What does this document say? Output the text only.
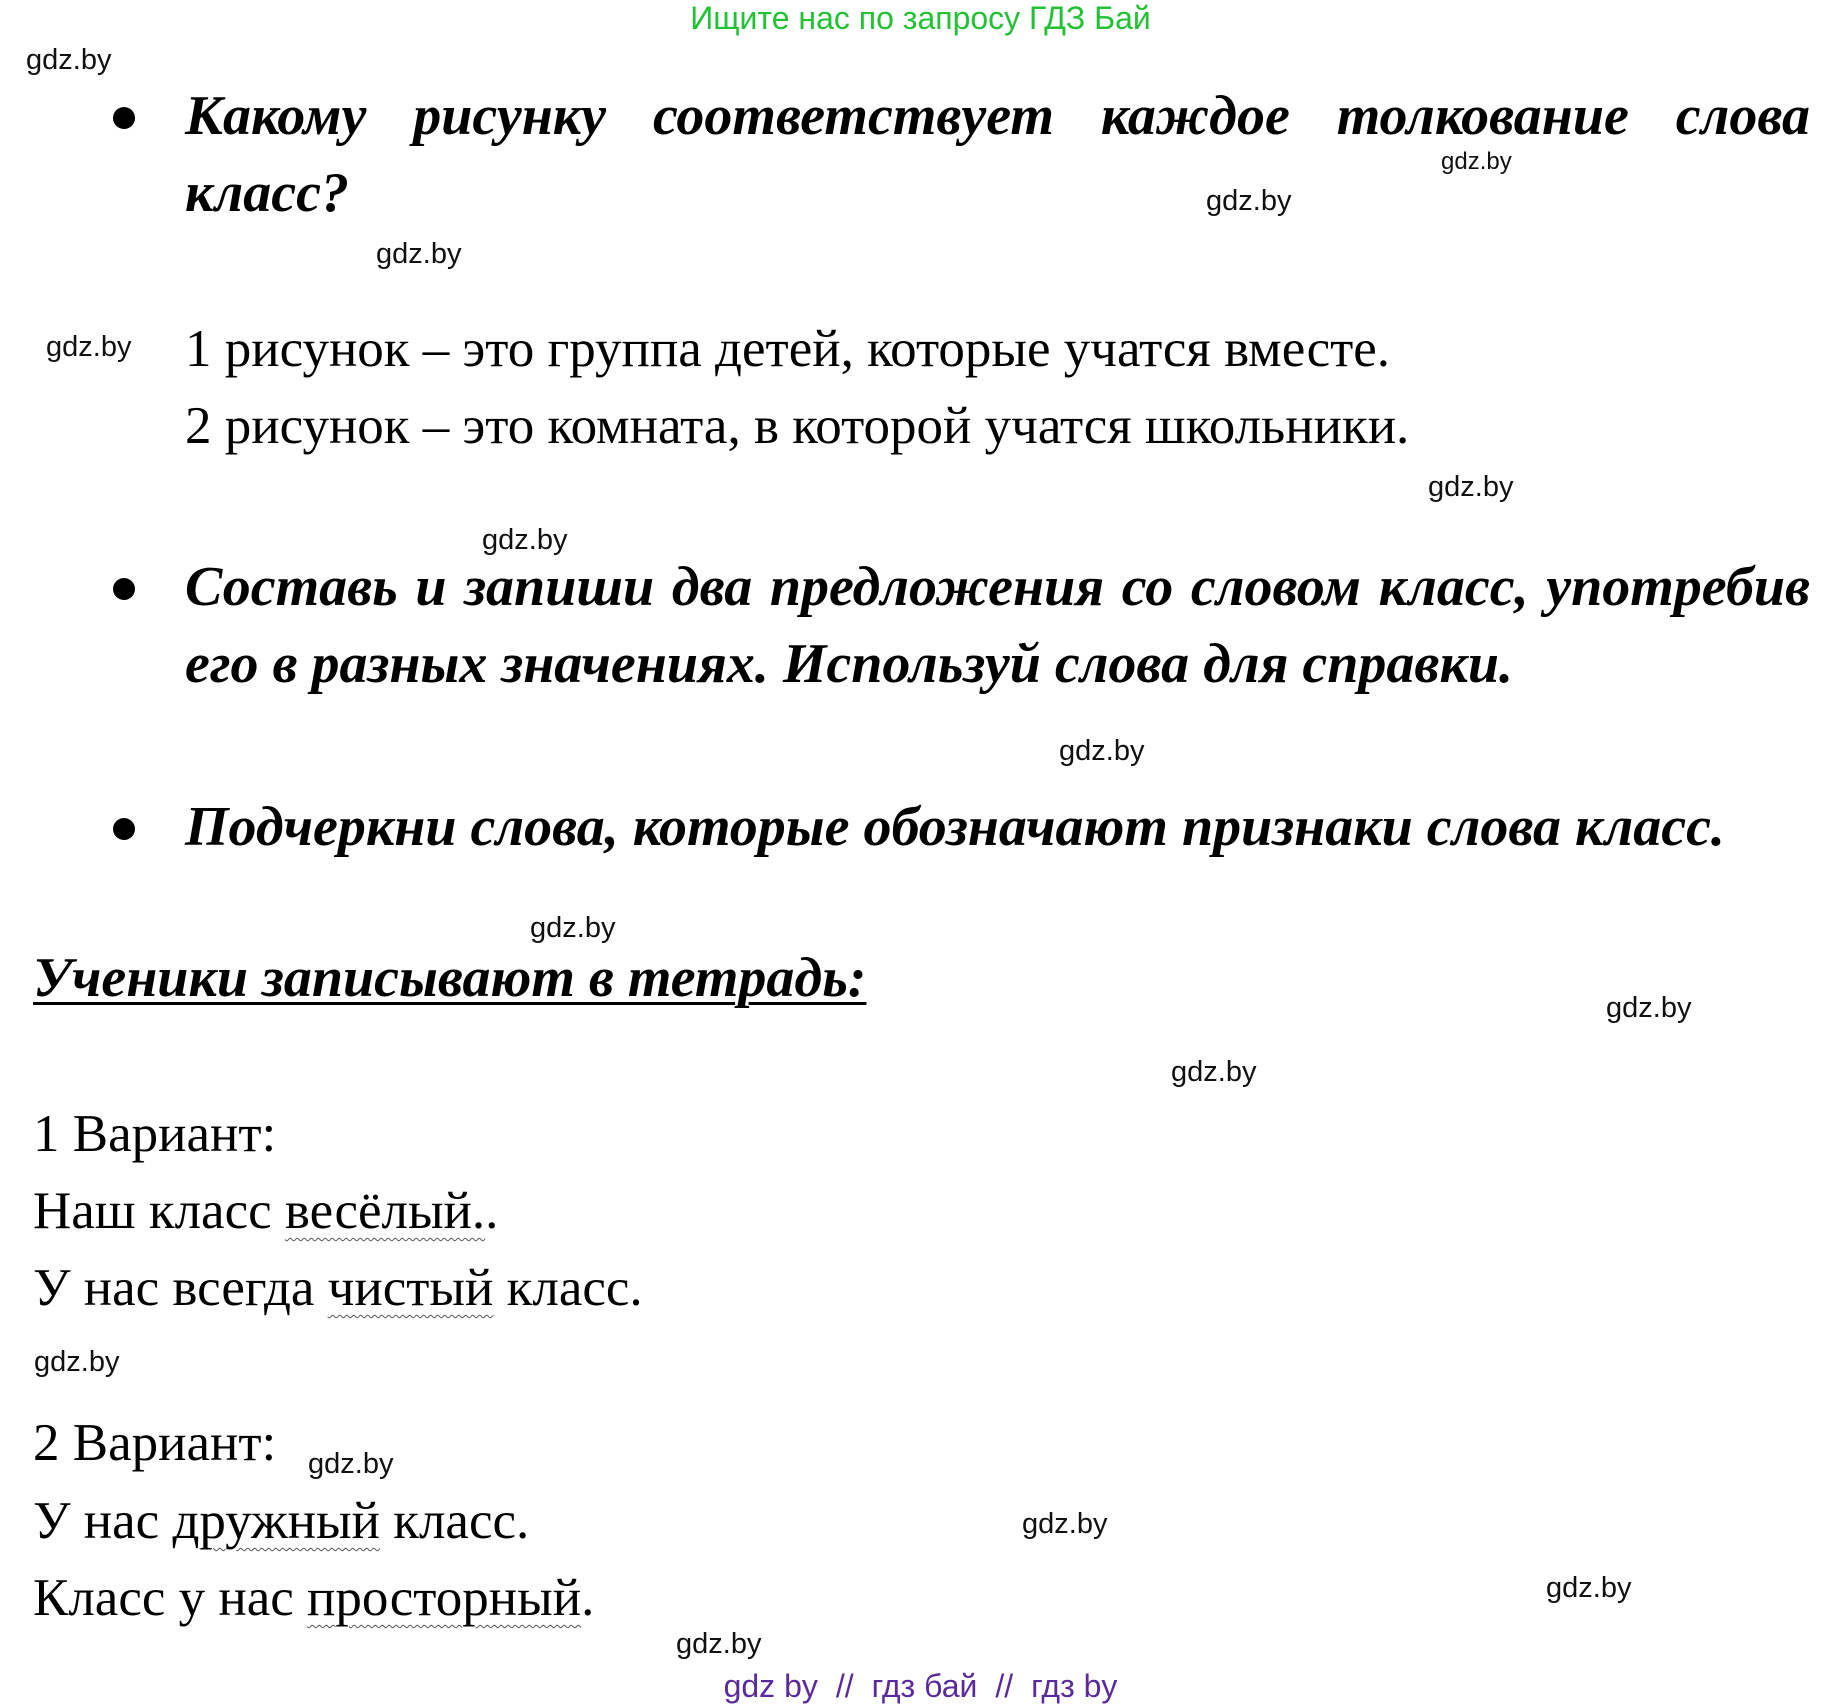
Ищите нас по запросу ГДЗ Бай
gdz.by
gdz.by
gdz.by
gdz.by
gdz.by
gdz.by
gdz.by
gdz.by
gdz.by
gdz.by
gdz.by
gdz.by
gdz.by
gdz.by
gdz.by
gdz.by
Какому рисунку соответствует каждое толкование слова класс?
1 рисунок – это группа детей, которые учатся вместе.
2 рисунок – это комната, в которой учатся школьники.
Составь и запиши два предложения со словом класс, употребив его в разных значениях. Используй слова для справки.
Подчеркни слова, которые обозначают признаки слова класс.
Ученики записывают в тетрадь:
1 Вариант:
Наш класс весёлый..
У нас всегда чистый класс.
2 Вариант:
У нас дружный класс.
Класс у нас просторный.
gdz by // гдз бай // гдз by
